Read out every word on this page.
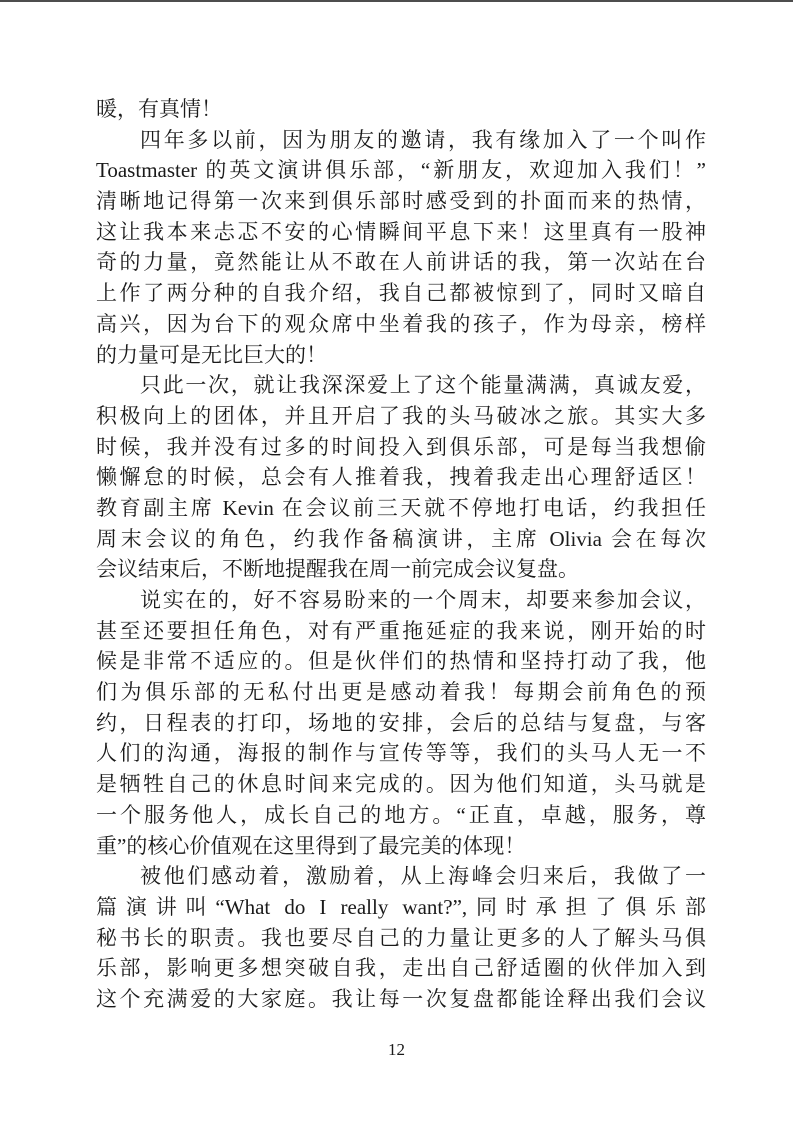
暖，有真情！
四年多以前，因为朋友的邀请，我有缘加入了一个叫作
Toastmaster 的英文演讲俱乐部，“新朋友，欢迎加入我们！”
清晰地记得第一次来到俱乐部时感受到的扑面而来的热情，
这让我本来忐忑不安的心情瞬间平息下来！这里真有一股神
奇的力量，竟然能让从不敢在人前讲话的我，第一次站在台
上作了两分种的自我介绍，我自己都被惊到了，同时又暗自
高兴，因为台下的观众席中坐着我的孩子，作为母亲，榜样
的力量可是无比巨大的！
只此一次，就让我深深爱上了这个能量满满，真诚友爱，
积极向上的团体，并且开启了我的头马破冰之旅。其实大多
时候，我并没有过多的时间投入到俱乐部，可是每当我想偷
懒懈怠的时候，总会有人推着我，拽着我走出心理舒适区！
教育副主席 Kevin 在会议前三天就不停地打电话，约我担任
周末会议的角色，约我作备稿演讲，主席 Olivia 会在每次
会议结束后，不断地提醒我在周一前完成会议复盘。
说实在的，好不容易盼来的一个周末，却要来参加会议，
甚至还要担任角色，对有严重拖延症的我来说，刚开始的时
候是非常不适应的。但是伙伴们的热情和坚持打动了我，他
们为俱乐部的无私付出更是感动着我！每期会前角色的预
约，日程表的打印，场地的安排，会后的总结与复盘，与客
人们的沟通，海报的制作与宣传等等，我们的头马人无一不
是牺牲自己的休息时间来完成的。因为他们知道，头马就是
一个服务他人，成长自己的地方。“正直，卓越，服务，尊
重”的核心价值观在这里得到了最完美的体现！
被他们感动着，激励着，从上海峰会归来后，我做了一
篇演讲叫“What do I really want?”,同时承担了俱乐部
秘书长的职责。我也要尽自己的力量让更多的人了解头马俱
乐部，影响更多想突破自我，走出自己舒适圈的伙伴加入到
这个充满爱的大家庭。我让每一次复盘都能诠释出我们会议
12
